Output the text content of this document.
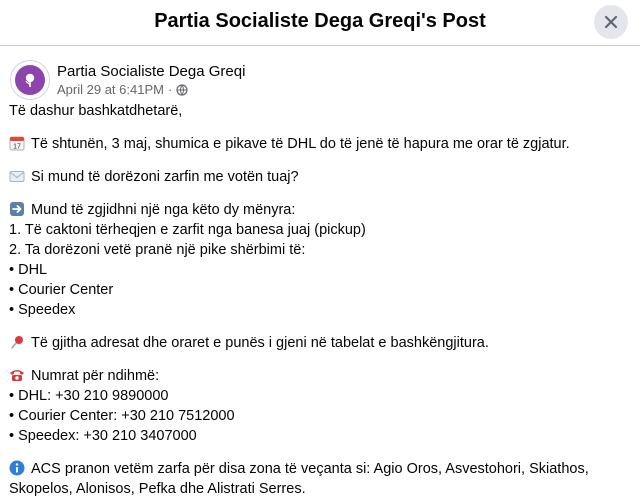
Partia Socialiste Dega Greqi's Post
Partia Socialiste Dega Greqi
April 29 at 6:41PM ·
Të dashur bashkatdhetarë,
17 Të shtunën, 3 maj, shumica e pikave të DHL do të jenë të hapura me orar të zgjatur.
Si mund të dorëzoni zarfin me votën tuaj?
Mund të zgjidhni një nga këto dy mënyra:
1. Të caktoni tërheqjen e zarfit nga banesa juaj (pickup)
2. Ta dorëzoni vetë pranë një pike shërbimi të:
• DHL
• Courier Center
• Speedex
Të gjitha adresat dhe oraret e punës i gjeni në tabelat e bashkëngjitura.
Numrat për ndihmë:
• DHL: +30 210 9890000
• Courier Center: +30 210 7512000
• Speedex: +30 210 3407000
ACS pranon vetëm zarfa për disa zona të veçanta si: Agio Oros, Asvestohori, Skiathos, Skopelos, Alonisos, Pefka dhe Alistrati Serres.
